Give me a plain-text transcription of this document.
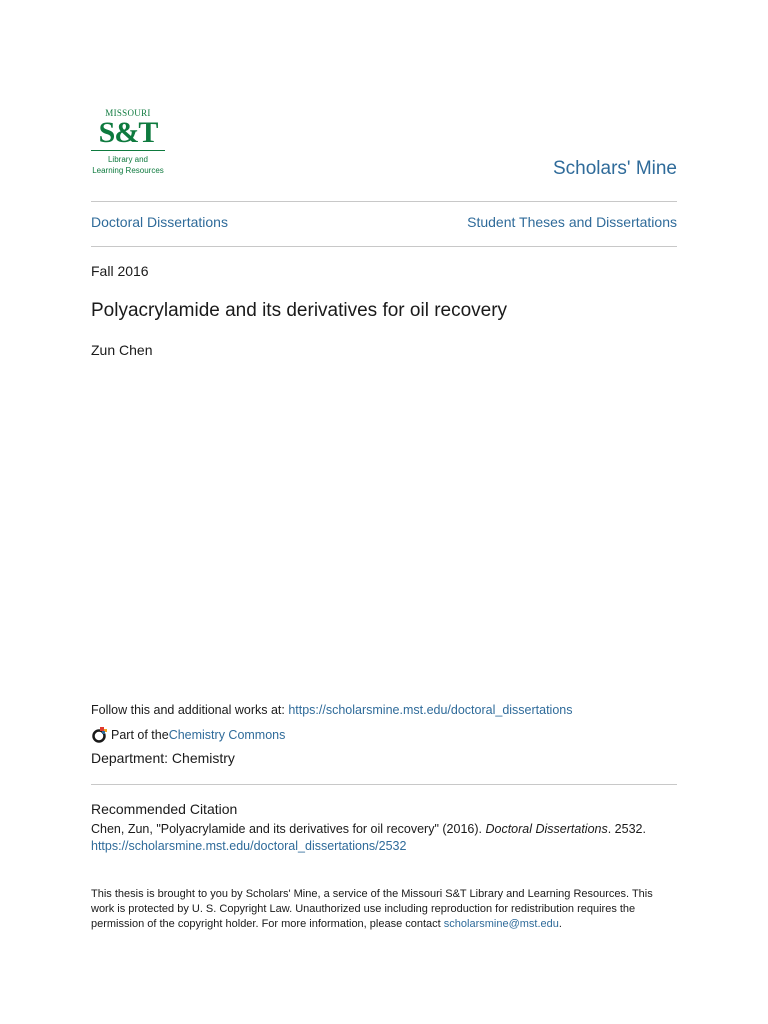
MISSOURI
S&T
Library and
Learning Resources	Scholars' Mine
Doctoral Dissertations	Student Theses and Dissertations
Fall 2016
Polyacrylamide and its derivatives for oil recovery
Zun Chen
Follow this and additional works at: https://scholarsmine.mst.edu/doctoral_dissertations
Part of the Chemistry Commons
Department: Chemistry
Recommended Citation
Chen, Zun, "Polyacrylamide and its derivatives for oil recovery" (2016). Doctoral Dissertations. 2532.
https://scholarsmine.mst.edu/doctoral_dissertations/2532
This thesis is brought to you by Scholars' Mine, a service of the Missouri S&T Library and Learning Resources. This work is protected by U. S. Copyright Law. Unauthorized use including reproduction for redistribution requires the permission of the copyright holder. For more information, please contact scholarsmine@mst.edu.
